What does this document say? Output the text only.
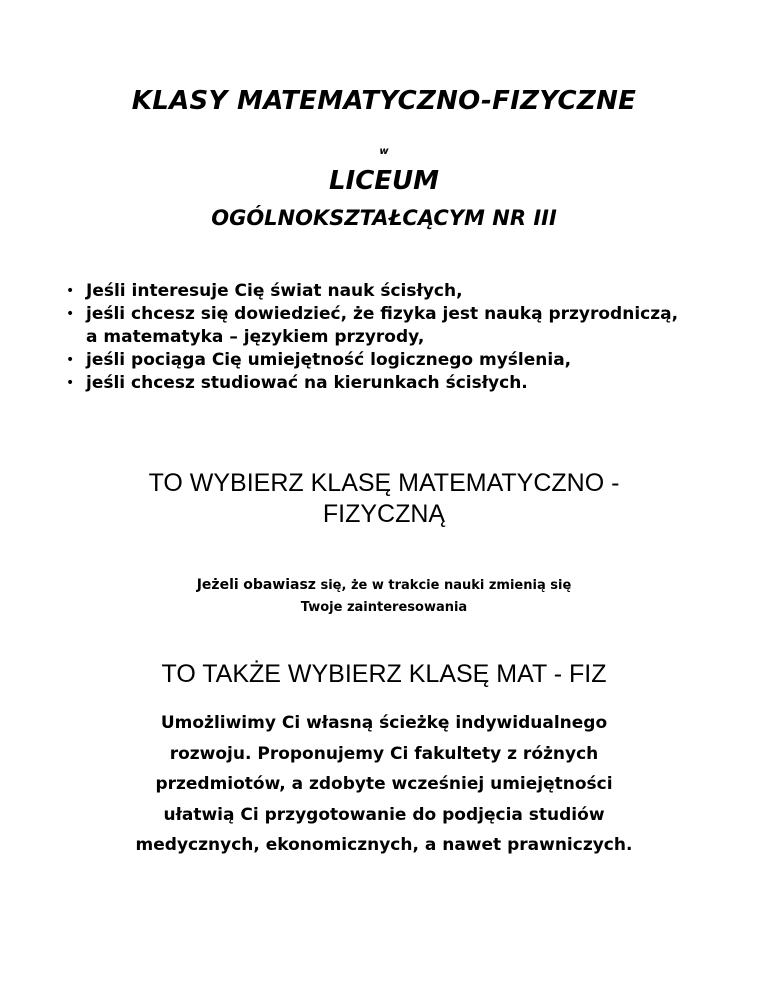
KLASY MATEMATYCZNO-FIZYCZNE
w
LICEUM
OGÓLNOKSZTAŁCĄCYM NR III
• Jeśli interesuje Cię świat nauk ścisłych,
• jeśli chcesz się dowiedzieć, że fizyka jest nauką przyrodniczą, a matematyka – językiem przyrody,
• jeśli pociąga Cię umiejętność logicznego myślenia,
• jeśli chcesz studiować na kierunkach ścisłych.
TO WYBIERZ KLASĘ MATEMATYCZNO -
FIZYCZNĄ
Jeżeli obawiasz się, że w trakcie nauki zmienią się
Twoje zainteresowania
TO TAKŻE WYBIERZ KLASĘ MAT - FIZ
Umożliwimy Ci własną ścieżkę indywidualnego
rozwoju. Proponujemy Ci fakultety z różnych
przedmiotów, a zdobyte wcześniej umiejętności
ułatwią Ci przygotowanie do podjęcia studiów
medycznych, ekonomicznych, a nawet prawniczych.
